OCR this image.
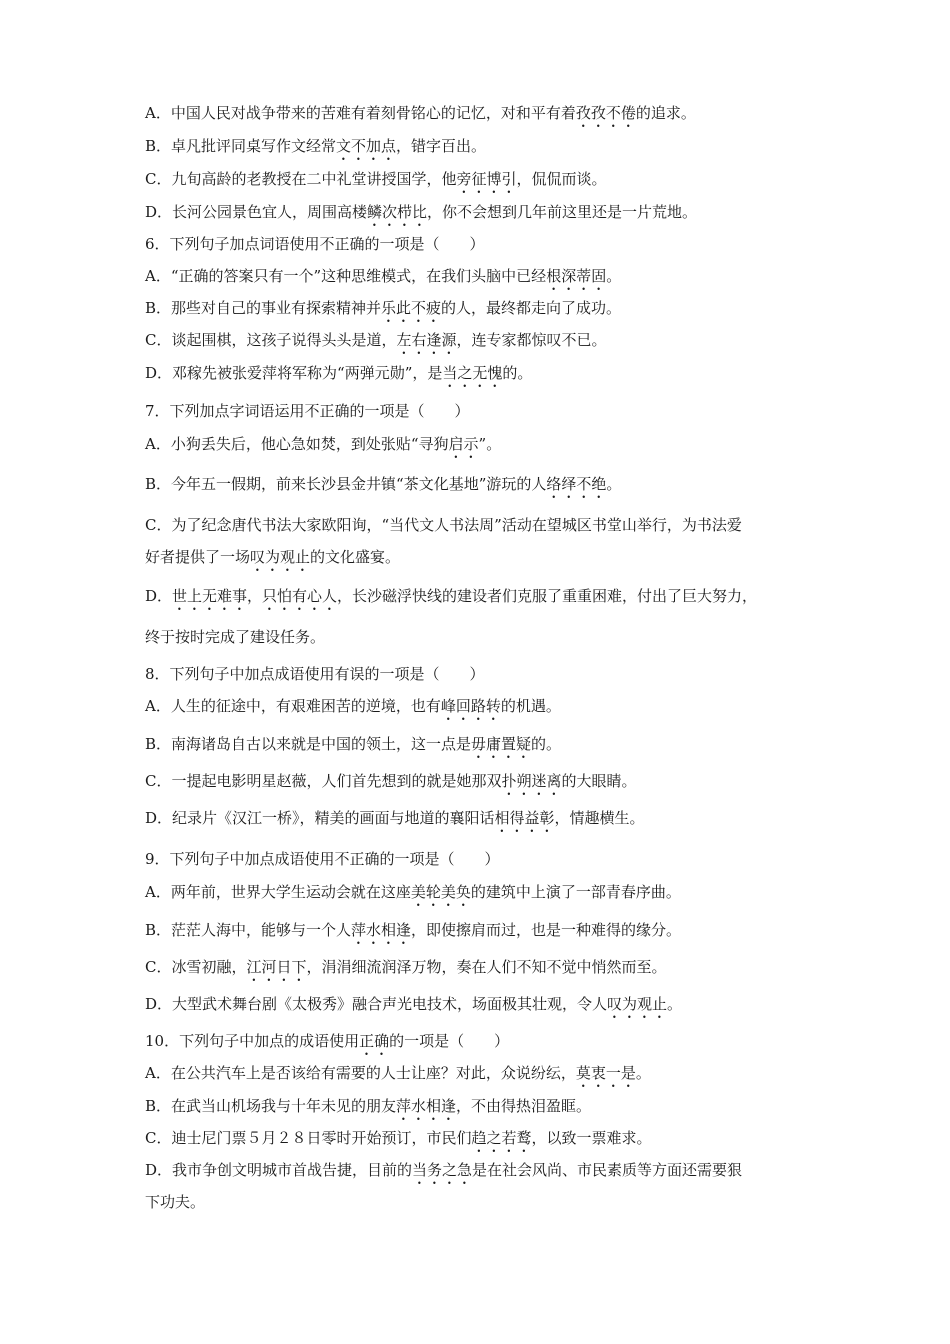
A．中国人民对战争带来的苦难有着刻骨铭心的记忆，对和平有着孜孜不倦的追求。
B．卓凡批评同桌写作文经常文不加点，错字百出。
C．九旬高龄的老教授在二中礼堂讲授国学，他旁征博引，侃侃而谈。
D．长河公园景色宜人，周围高楼鳞次栉比，你不会想到几年前这里还是一片荒地。
6．下列句子加点词语使用不正确的一项是（　　）
A．“正确的答案只有一个”这种思维模式，在我们头脑中已经根深蒂固。
B．那些对自己的事业有探索精神并乐此不疲的人，最终都走向了成功。
C．谈起围棋，这孩子说得头头是道，左右逢源，连专家都惊叹不已。
D．邓稼先被张爱萍将军称为“两弹元勋”，是当之无愧的。
7．下列加点字词语运用不正确的一项是（　　）
A．小狗丢失后，他心急如焚，到处张贴“寻狗启示”。
B．今年五一假期，前来长沙县金井镇“茶文化基地”游玩的人络绎不绝。
C．为了纪念唐代书法大家欧阳询，“当代文人书法周”活动在望城区书堂山举行，为书法爱
好者提供了一场叹为观止的文化盛宴。
D．世上无难事，只怕有心人，长沙磁浮快线的建设者们克服了重重困难，付出了巨大努力，
终于按时完成了建设任务。
8．下列句子中加点成语使用有误的一项是（　　）
A．人生的征途中，有艰难困苦的逆境，也有峰回路转的机遇。
B．南海诸岛自古以来就是中国的领土，这一点是毋庸置疑的。
C．一提起电影明星赵薇，人们首先想到的就是她那双扑朔迷离的大眼睛。
D．纪录片《汉江一桥》，精美的画面与地道的襄阳话相得益彰，情趣横生。
9．下列句子中加点成语使用不正确的一项是（　　）
A．两年前，世界大学生运动会就在这座美轮美奂的建筑中上演了一部青春序曲。
B．茫茫人海中，能够与一个人萍水相逢，即使擦肩而过，也是一种难得的缘分。
C．冰雪初融，江河日下，涓涓细流润泽万物，奏在人们不知不觉中悄然而至。
D．大型武术舞台剧《太极秀》融合声光电技术，场面极其壮观，令人叹为观止。
10．下列句子中加点的成语使用正确的一项是（　　）
A．在公共汽车上是否该给有需要的人士让座？对此，众说纷纭，莫衷一是。
B．在武当山机场我与十年未见的朋友萍水相逢，不由得热泪盈眶。
C．迪士尼门票５月２８日零时开始预订，市民们趋之若鹜，以致一票难求。
D．我市争创文明城市首战告捷，目前的当务之急是在社会风尚、市民素质等方面还需要狠
下功夫。
